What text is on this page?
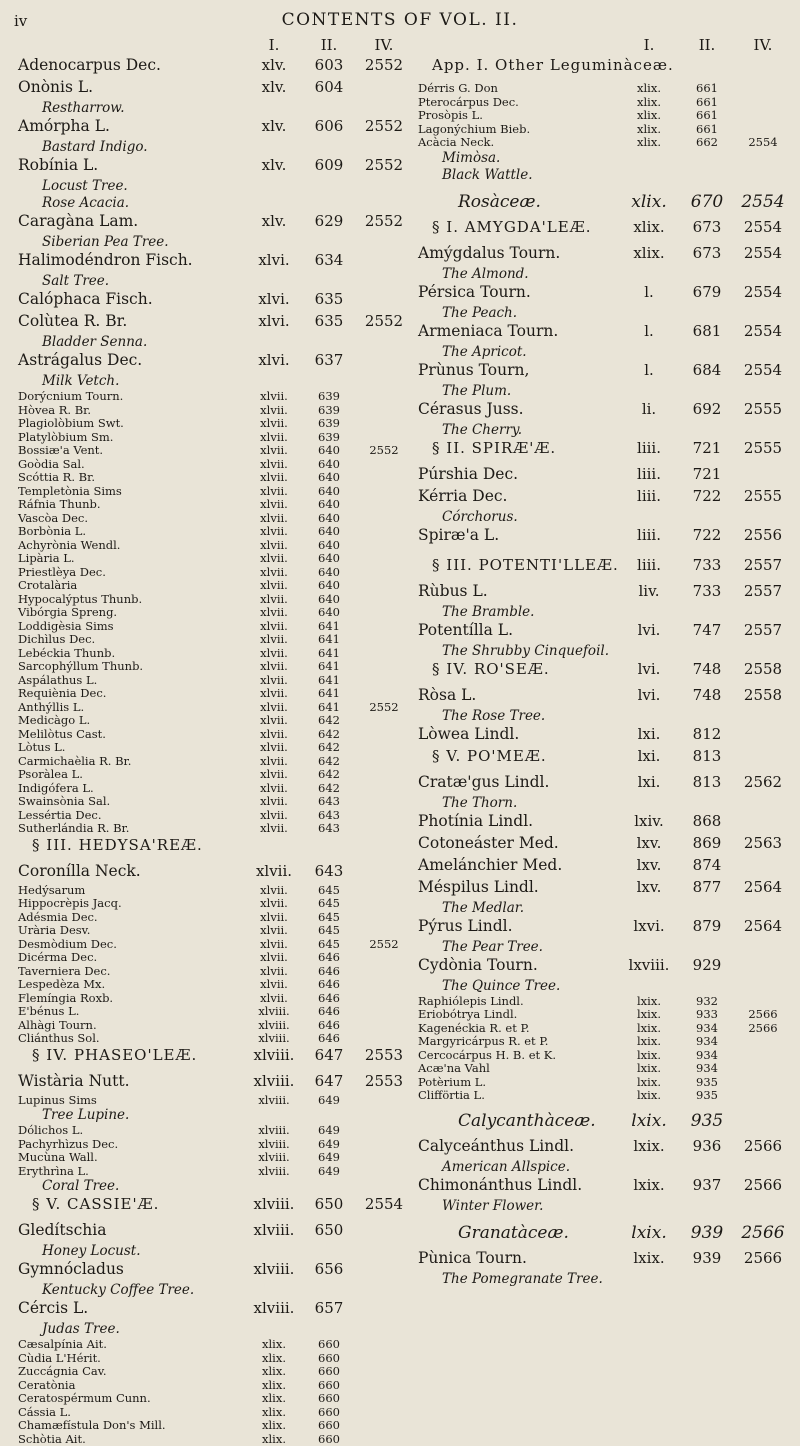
iv	CONTENTS OF VOL. II.
I.	II.	IV.	I.	II.	IV.
Adenocarpus Dec.	xlv.	603	2552
Onònis L.	xlv.	604
Restharrow.
Amórpha L.	xlv.	606	2552
Bastard Indigo.
Robínia L.	xlv.	609	2552
Locust Tree.
Rose Acacia.
Caragàna Lam.	xlv.	629	2552
Siberian Pea Tree.
Halimodéndron Fisch.	xlvi.	634
Salt Tree.
Calóphaca Fisch.	xlvi.	635
Colùtea R. Br.	xlvi.	635	2552
Bladder Senna.
Astrágalus Dec.	xlvi.	637
Milk Vetch.
Dorýcnium Tourn.	xlvii.	639
Hòvea R. Br.	xlvii.	639
Plagiolòbium Swt.	xlvii.	639
Platylòbium Sm.	xlvii.	639
Bossiæ'a Vent.	xlvii.	640	2552
Goòdia Sal.	xlvii.	640
Scóttia R. Br.	xlvii.	640
Templetònia Sims	xlvii.	640
Ráfnia Thunb.	xlvii.	640
Vascòa Dec.	xlvii.	640
Borbònia L.	xlvii.	640
Achyrònia Wendl.	xlvii.	640
Lipària L.	xlvii.	640
Priestlèya Dec.	xlvii.	640
Crotalària	xlvii.	640
Hypocalýptus Thunb.	xlvii.	640
Vibórgia Spreng.	xlvii.	640
Loddigèsia Sims	xlvii.	641
Dichìlus Dec.	xlvii.	641
Lebéckia Thunb.	xlvii.	641
Sarcophýllum Thunb.	xlvii.	641
Aspálathus L.	xlvii.	641
Requiènia Dec.	xlvii.	641
Anthýllis L.	xlvii.	641	2552
Medicàgo L.	xlvii.	642
Melilòtus Cast.	xlvii.	642
Lòtus L.	xlvii.	642
Carmichaèlia R. Br.	xlvii.	642
Psoràlea L.	xlvii.	642
Indigófera L.	xlvii.	642
Swainsònia Sal.	xlvii.	643
Lessértia Dec.	xlvii.	643
Sutherlándia R. Br.	xlvii.	643
§ III. HEDYSA'REÆ.
Coronílla Neck.	xlvii.	643
Hedýsarum	xlvii.	645
Hippocrèpis Jacq.	xlvii.	645
Adésmia Dec.	xlvii.	645
Urària Desv.	xlvii.	645
Desmòdium Dec.	xlvii.	645	2552
Dicérma Dec.	xlvii.	646
Taverniera Dec.	xlvii.	646
Lespedèza Mx.	xlvii.	646
Flemíngia Roxb.	xlvii.	646
E'bénus L.	xlviii.	646
Alhàgi Tourn.	xlviii.	646
Cliánthus Sol.	xlviii.	646
§ IV. PHASEO'LEÆ.	xlviii.	647	2553
Wistària Nutt.	xlviii.	647	2553
Lupinus Sims	xlviii.	649
Tree Lupine.
Dólichos L.	xlviii.	649
Pachyrhìzus Dec.	xlviii.	649
Mucùna Wall.	xlviii.	649
Erythrìna L.	xlviii.	649
Coral Tree.
§ V. CASSIE'Æ.	xlviii.	650	2554
Gledítschia	xlviii.	650
Honey Locust.
Gymnócladus	xlviii.	656
Kentucky Coffee Tree.
Cércis L.	xlviii.	657
Judas Tree.
Cæsalpínia Ait.	xlix.	660
Cùdia L'Hérit.	xlix.	660
Zuccágnia Cav.	xlix.	660
Ceratònia	xlix.	660
Ceratospérmum Cunn.	xlix.	660
Cássia L.	xlix.	660
Chamæfístula Don's Mill.	xlix.	660
Schòtia Ait.	xlix.	660
App. I. Other Leguminàceæ.
Dérris G. Don	xlix.	661
Pterocárpus Dec.	xlix.	661
Prosòpis L.	xlix.	661
Lagonýchium Bieb.	xlix.	661
Acàcia Neck.	xlix.	662	2554
Mimòsa.
Black Wattle.
Rosàceæ.	xlix.	670	2554
§ I. AMYGDA'LEÆ.	xlix.	673	2554
Amýgdalus Tourn.	xlix.	673	2554
The Almond.
Pérsica Tourn.	l.	679	2554
The Peach.
Armeniaca Tourn.	l.	681	2554
The Apricot.
Prùnus Tourn,	l.	684	2554
The Plum.
Cérasus Juss.	li.	692	2555
The Cherry.
§ II. SPIRÆ'Æ.	liii.	721	2555
Púrshia Dec.	liii.	721
Kérria Dec.	liii.	722	2555
Córchorus.
Spiræ'a L.	liii.	722	2556
§ III. POTENTI'LLEÆ.	liii.	733	2557
Rùbus L.	liv.	733	2557
The Bramble.
Potentílla L.	lvi.	747	2557
The Shrubby Cinquefoil.
§ IV. RO'SEÆ.	lvi.	748	2558
Ròsa L.	lvi.	748	2558
The Rose Tree.
Lòwea Lindl.	lxi.	812
§ V. PO'MEÆ.	lxi.	813
Cratæ'gus Lindl.	lxi.	813	2562
The Thorn.
Photínia Lindl.	lxiv.	868
Cotoneáster Med.	lxv.	869	2563
Amelánchier Med.	lxv.	874
Méspilus Lindl.	lxv.	877	2564
The Medlar.
Pýrus Lindl.	lxvi.	879	2564
The Pear Tree.
Cydònia Tourn.	lxviii.	929
The Quince Tree.
Raphiólepis Lindl.	lxix.	932
Eriobótrya Lindl.	lxix.	933	2566
Kagenéckia R. et P.	lxix.	934	2566
Margyricárpus R. et P.	lxix.	934
Cercocárpus H. B. et K.	lxix.	934
Acæ'na Vahl	lxix.	934
Potèrium L.	lxix.	935
Clifförtia L.	lxix.	935
Calycanthàceæ.	lxix.	935
Calyceánthus Lindl.	lxix.	936	2566
American Allspice.
Chimonánthus Lindl.	lxix.	937	2566
Winter Flower.
Granatàceæ.	lxix.	939	2566
Pùnica Tourn.	lxix.	939	2566
The Pomegranate Tree.
